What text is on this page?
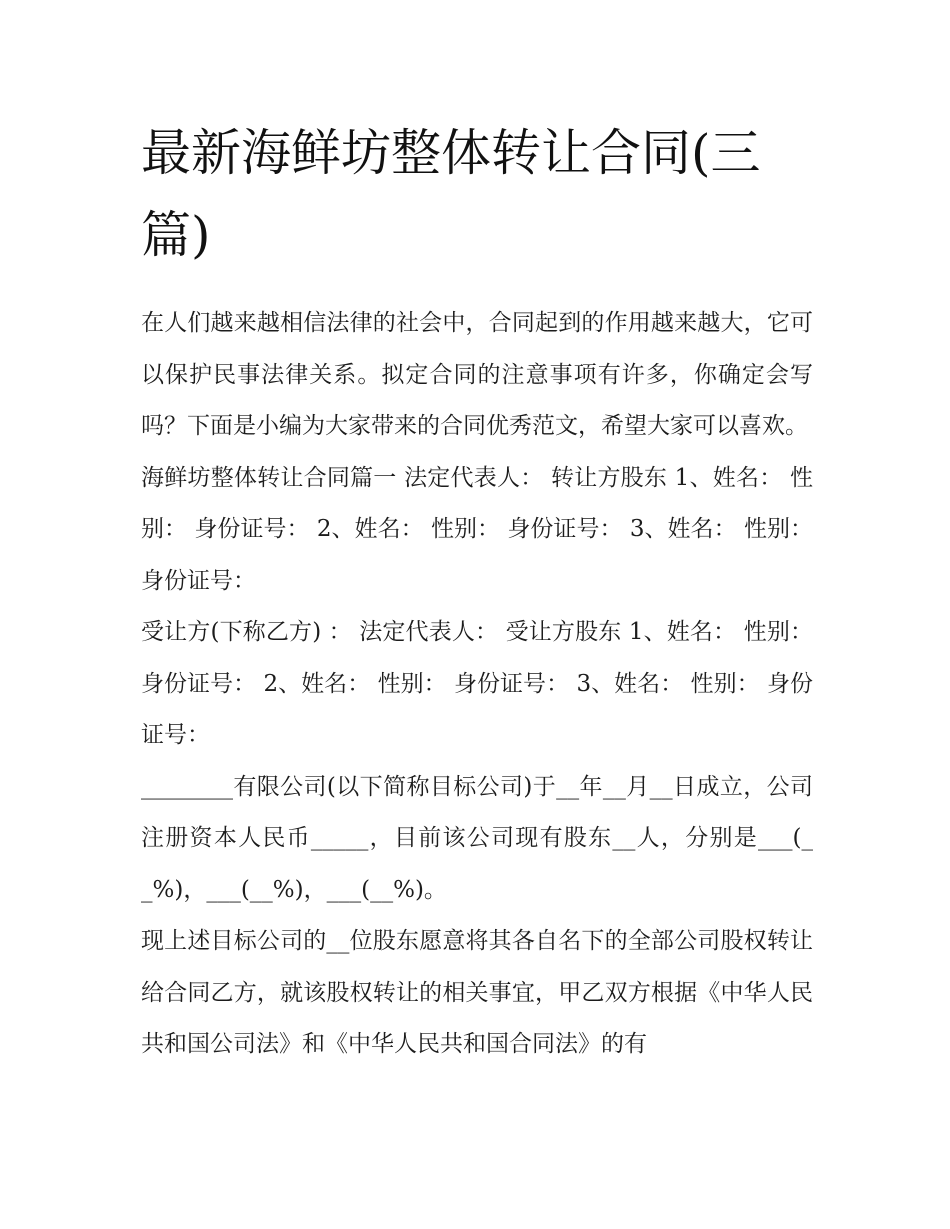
最新海鲜坊整体转让合同(三篇)

在人们越来越相信法律的社会中，合同起到的作用越来越大，它可以保护民事法律关系。拟定合同的注意事项有许多，你确定会写吗？下面是小编为大家带来的合同优秀范文，希望大家可以喜欢。

海鲜坊整体转让合同篇一 法定代表人： 转让方股东 1、姓名： 性别： 身份证号： 2、姓名： 性别： 身份证号： 3、姓名： 性别： 身份证号：

受让方(下称乙方) ： 法定代表人： 受让方股东 1、姓名： 性别： 身份证号： 2、姓名： 性别： 身份证号： 3、姓名： 性别： 身份证号：

________有限公司(以下简称目标公司)于__年__月__日成立，公司注册资本人民币_____，目前该公司现有股东__人，分别是___(__%)，___(__%)，___(__%)。

现上述目标公司的__位股东愿意将其各自名下的全部公司股权转让给合同乙方，就该股权转让的相关事宜，甲乙双方根据《中华人民共和国公司法》和《中华人民共和国合同法》的有
